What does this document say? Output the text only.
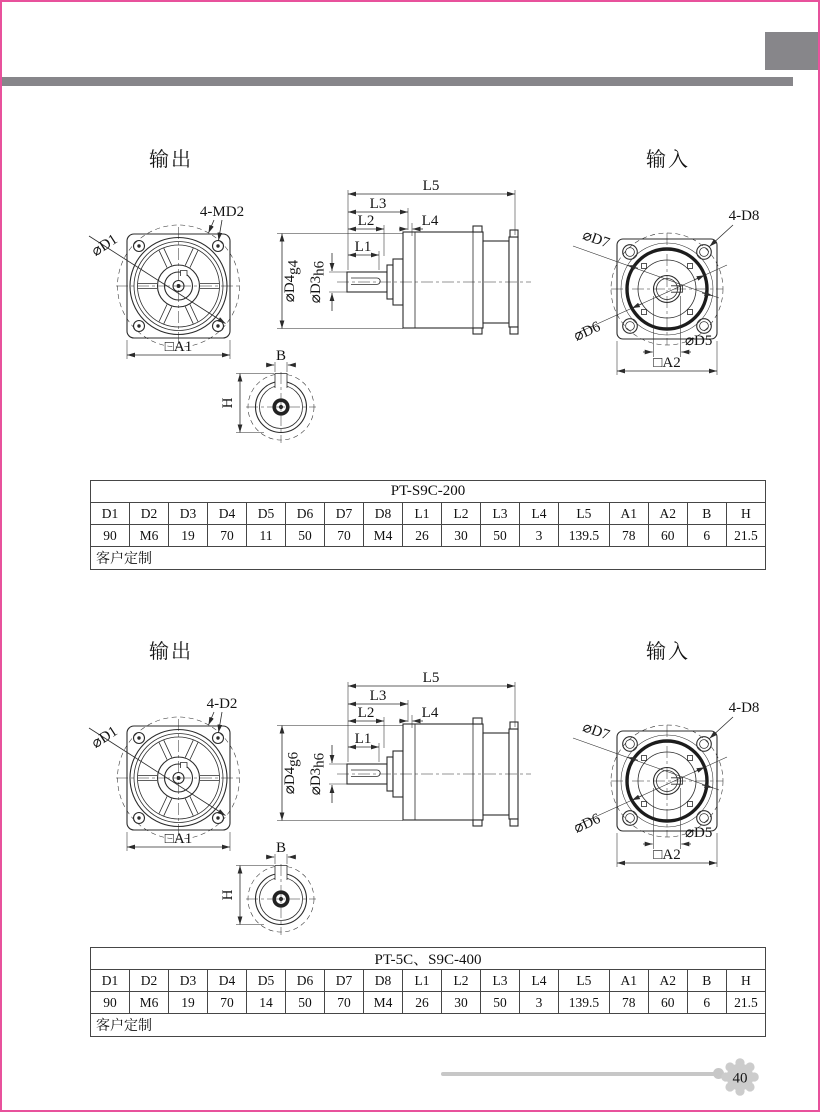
输出	输入
4-MD2
⌀D1
□A1
L5
L3
L2	L4
L1
⌀D4g4
⌀D3h6
B
H
⌀D7
⌀D6	⌀D5
□A2
4-D8
PT-S9C-200																
D1	D2	D3	D4	D5	D6	D7	D8	L1	L2	L3	L4	L5	A1	A2	B	H
90	M6	19	70	11	50	70	M4	26	30	50	3	139.5	78	60	6	21.5
客户定制																
输出	输入
4-D2
⌀D1
□A1
L5
L3
L2	L4
L1
⌀D4g6
⌀D3h6
B
H
⌀D7
⌀D6	⌀D5
□A2
4-D8
PT-5C、S9C-400																
D1	D2	D3	D4	D5	D6	D7	D8	L1	L2	L3	L4	L5	A1	A2	B	H
90	M6	19	70	14	50	70	M4	26	30	50	3	139.5	78	60	6	21.5
客户定制																
40
